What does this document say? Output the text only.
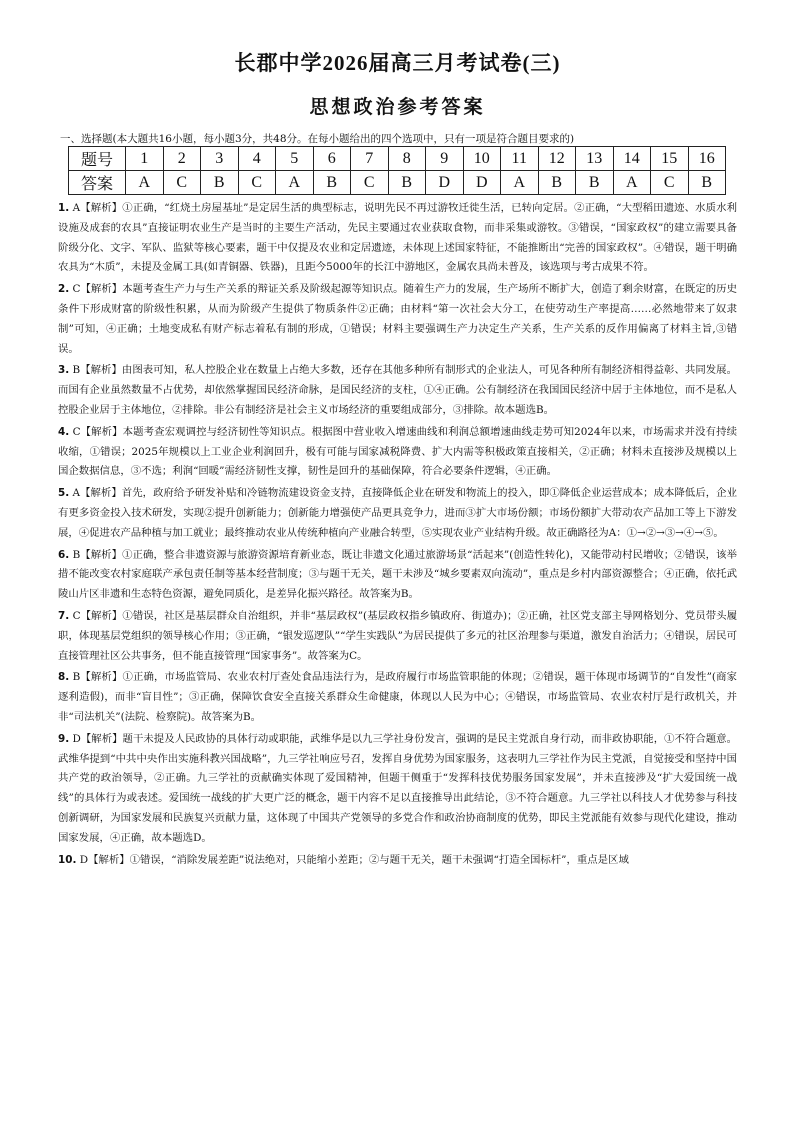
长郡中学2026届高三月考试卷(三)
思想政治参考答案
一、选择题(本大题共16小题，每小题3分，共48分。在每小题给出的四个选项中，只有一项是符合题目要求的)
题号	1	2	3	4	5	6	7	8	9	10	11	12	13	14	15	16
答案	A	C	B	C	A	B	C	B	D	D	A	B	B	A	C	B

1. A【解析】①正确，“红烧土房屋基址”是定居生活的典型标志，说明先民不再过游牧迁徙生活，已转向定居。②正确，“大型稻田遗迹、水质水利设施及成套的农具”直接证明农业生产是当时的主要生产活动，先民主要通过农业获取食物，而非采集或游牧。③错误，“国家政权”的建立需要具备阶级分化、文字、军队、监狱等核心要素，题干中仅提及农业和定居遗迹，未体现上述国家特征，不能推断出“完善的国家政权”。④错误，题干明确农具为“木质”，未提及金属工具(如青铜器、铁器)，且距今5000年的长江中游地区，金属农具尚未普及，该选项与考古成果不符。

2. C【解析】本题考查生产力与生产关系的辩证关系及阶级起源等知识点。随着生产力的发展，生产场所不断扩大，创造了剩余财富，在既定的历史条件下形成财富的阶级性积累，从而为阶级产生提供了物质条件②正确；由材料“第一次社会大分工，在使劳动生产率提高……必然地带来了奴隶制”可知，④正确；土地变成私有财产标志着私有制的形成，①错误；材料主要强调生产力决定生产关系，生产关系的反作用偏离了材料主旨,③错误。

3. B【解析】由图表可知，私人控股企业在数量上占绝大多数，还存在其他多种所有制形式的企业法人，可见各种所有制经济相得益彰、共同发展。而国有企业虽然数量不占优势，却依然掌握国民经济命脉，是国民经济的支柱，①④正确。公有制经济在我国国民经济中居于主体地位，而不是私人控股企业居于主体地位，②排除。非公有制经济是社会主义市场经济的重要组成部分，③排除。故本题选B。

4. C【解析】本题考查宏观调控与经济韧性等知识点。根据图中营业收入增速曲线和利润总额增速曲线走势可知2024年以来，市场需求并没有持续收缩，①错误；2025年规模以上工业企业利润回升，极有可能与国家减税降费、扩大内需等积极政策直接相关，②正确；材料未直接涉及规模以上国企数据信息，③不选；利润“回暖”需经济韧性支撑，韧性是回升的基础保障，符合必要条件逻辑，④正确。

5. A【解析】首先，政府给予研发补贴和冷链物流建设资金支持，直接降低企业在研发和物流上的投入，即①降低企业运营成本；成本降低后，企业有更多资金投入技术研发，实现②提升创新能力；创新能力增强使产品更具竞争力，进而③扩大市场份额；市场份额扩大带动农产品加工等上下游发展，④促进农产品种植与加工就业；最终推动农业从传统种植向产业融合转型，⑤实现农业产业结构升级。故正确路径为A：①→②→③→④→⑤。

6. B【解析】①正确，整合非遗资源与旅游资源培育新业态，既让非遗文化通过旅游场景“活起来”(创造性转化)，又能带动村民增收；②错误，该举措不能改变农村家庭联产承包责任制等基本经营制度；③与题干无关，题干未涉及“城乡要素双向流动”，重点是乡村内部资源整合；④正确，依托武陵山片区非遗和生态特色资源，避免同质化，是差异化振兴路径。故答案为B。

7. C【解析】①错误，社区是基层群众自治组织，并非“基层政权”(基层政权指乡镇政府、街道办)；②正确，社区党支部主导网格划分、党员带头履职，体现基层党组织的领导核心作用；③正确，“银发巡逻队”“学生实践队”为居民提供了多元的社区治理参与渠道，激发自治活力；④错误，居民可直接管理社区公共事务，但不能直接管理“国家事务”。故答案为C。

8. B【解析】①正确，市场监管局、农业农村厅查处食品违法行为，是政府履行市场监管职能的体现；②错误，题干体现市场调节的“自发性”(商家逐利造假)，而非“盲目性”；③正确，保障饮食安全直接关系群众生命健康，体现以人民为中心；④错误，市场监管局、农业农村厅是行政机关，并非“司法机关”(法院、检察院)。故答案为B。

9. D【解析】题干未提及人民政协的具体行动或职能，武维华是以九三学社身份发言，强调的是民主党派自身行动，而非政协职能，①不符合题意。武维华提到“中共中央作出实施科教兴国战略”，九三学社响应号召，发挥自身优势为国家服务，这表明九三学社作为民主党派，自觉接受和坚持中国共产党的政治领导，②正确。九三学社的贡献确实体现了爱国精神，但题干侧重于“发挥科技优势服务国家发展”，并未直接涉及“扩大爱国统一战线”的具体行为或表述。爱国统一战线的扩大更广泛的概念，题干内容不足以直接推导出此结论，③不符合题意。九三学社以科技人才优势参与科技创新调研，为国家发展和民族复兴贡献力量，这体现了中国共产党领导的多党合作和政治协商制度的优势，即民主党派能有效参与现代化建设，推动国家发展，④正确，故本题选D。

10. D【解析】①错误，“消除发展差距”说法绝对，只能缩小差距；②与题干无关，题干未强调“打造全国标杆”，重点是区域
